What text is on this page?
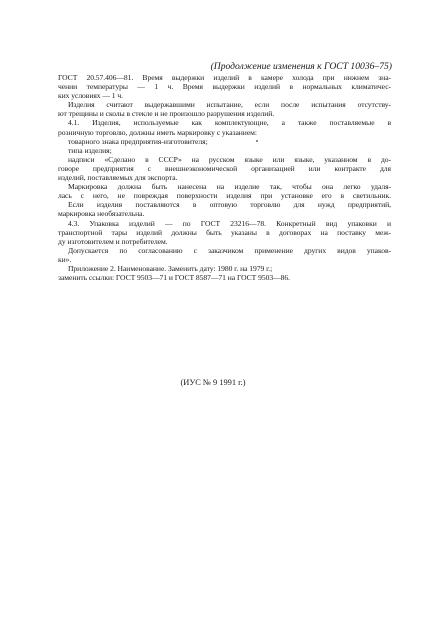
(Продолжение изменения к ГОСТ 10036–75)
ГОСТ 20.57.406—81. Время выдержки изделий в камере холода при нижнем зна-
чении температуры — 1 ч. Время выдержки изделий в нормальных климатичес-
ких условиях — 1 ч.
Изделия считают выдержавшими испытание, если после испытания отсутству-
ют трещины и сколы в стекле и не произошло разрушения изделий.
4.1. Изделия, используемые как комплектующие, а также поставляемые в
розничную торговлю, должны иметь маркировку с указанием:
товарного знака предприятия-изготовителя;
типа изделия;
надписи «Сделано в СССР» на русском языке или языке, указанном в до-
говоре предприятия с внешнеэкономической организацией или контракте для
изделий, поставляемых для экспорта.
Маркировка должна быть нанесена на изделие так, чтобы она легко удаля-
лась с него, не повреждая поверхности изделия при установке его в светильник.
Если изделия поставляются в оптовую торговлю для нужд предприятий,
маркировка необязательна.
4.3. Упаковка изделий — по ГОСТ 23216—78. Конкретный вид упаковки и
транспортной тары изделий должны быть указаны в договорах на поставку меж-
ду изготовителем и потребителем.
Допускается по согласованию с заказчиком применение других видов упаков-
ки».
Приложение 2. Наименование. Заменить дату: 1980 г. на 1979 г.;
заменить ссылки: ГОСТ 9503—71 и ГОСТ 8587—71 на ГОСТ 9503—86.
(ИУС № 9 1991 г.)
